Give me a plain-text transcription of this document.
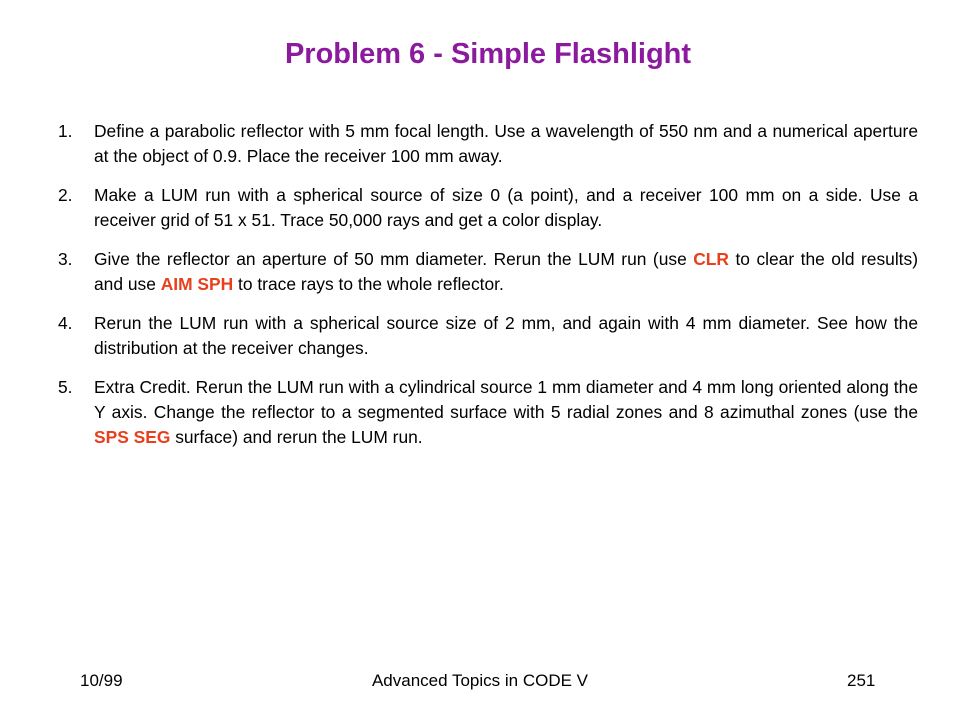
Problem 6 - Simple Flashlight
1. Define a parabolic reflector with 5 mm focal length. Use a wavelength of 550 nm and a numerical aperture at the object of 0.9. Place the receiver 100 mm away.
2. Make a LUM run with a spherical source of size 0 (a point), and a receiver 100 mm on a side. Use a receiver grid of 51 x 51. Trace 50,000 rays and get a color display.
3. Give the reflector an aperture of 50 mm diameter. Rerun the LUM run (use CLR to clear the old results) and use AIM SPH to trace rays to the whole reflector.
4. Rerun the LUM run with a spherical source size of 2 mm, and again with 4 mm diameter. See how the distribution at the receiver changes.
5. Extra Credit. Rerun the LUM run with a cylindrical source 1 mm diameter and 4 mm long oriented along the Y axis. Change the reflector to a segmented surface with 5 radial zones and 8 azimuthal zones (use the SPS SEG surface) and rerun the LUM run.
Advanced Topics in CODE V
10/99	251
